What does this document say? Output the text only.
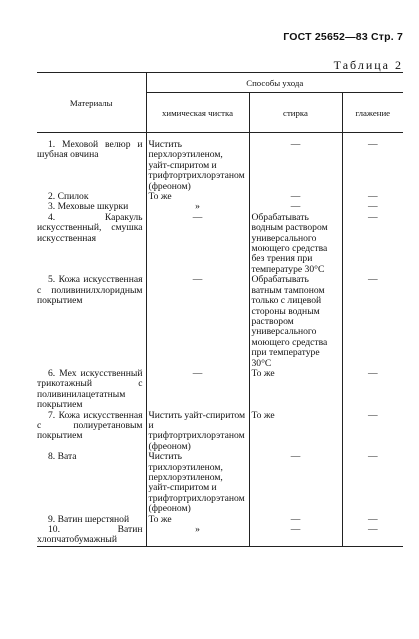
ГОСТ 25652—83 Стр. 7
Таблица 2
Материалы	Способы ухода		
	химическая чистка	стирка	глажение
1. Меховой велюр и шубная овчина	Чистить перхлорэтиленом, уайт-спиритом и трифтортрихлорэтаном (фреоном)	—	—
2. Спилок	То же	—	—
3. Меховые шкурки	»	—	—
4. Каракуль искусственный, смушка искусственная	—	Обрабатывать водным раствором универсального моющего средства без трения при температуре 30°С	—
5. Кожа искусственная с поливинилхлоридным покрытием	—	Обрабатывать ватным тампоном только с лицевой стороны водным раствором универсального моющего средства при температуре 30°С	—
6. Мех искусственный трикотажный с поливинилацетатным покрытием	—	То же	—
7. Кожа искусственная с полиуретановым покрытием	Чистить уайт-спиритом и трифтортрихлорэтаном (фреоном)	То же	—
8. Вата	Чистить трихлорэтиленом, перхлорэтиленом, уайт-спиритом и трифтортрихлорэтаном (фреоном)	—	—
9. Ватин шерстяной	То же	—	—
10. Ватин хлопчатобумажный	»	—	—
